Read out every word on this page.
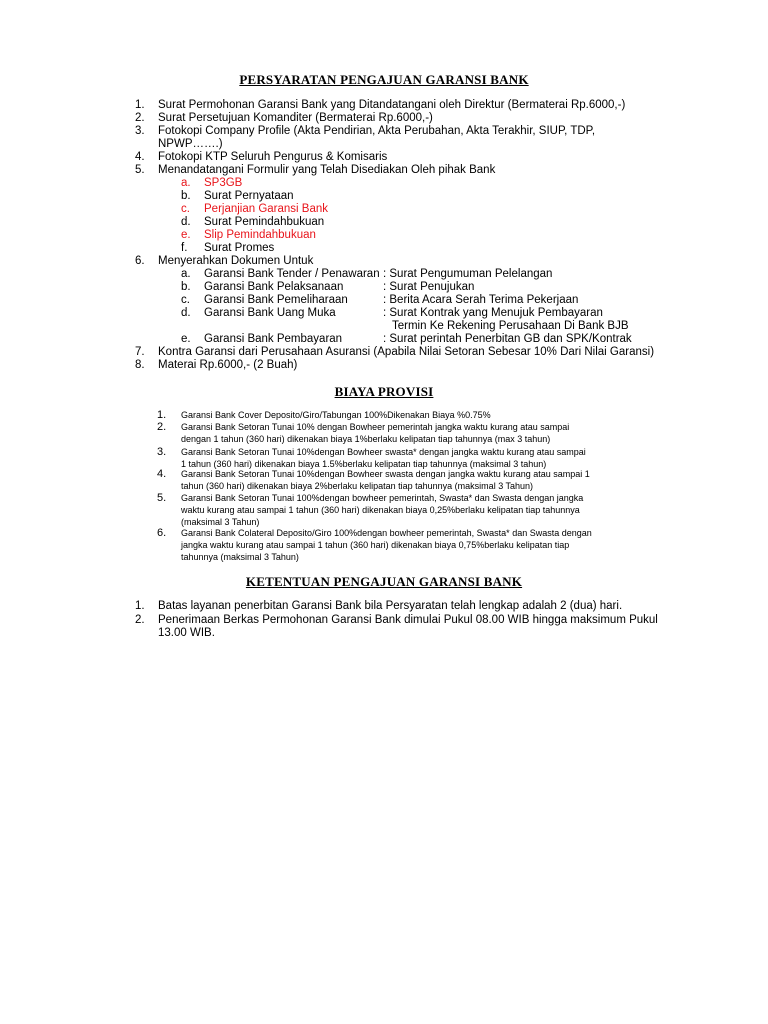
PERSYARATAN PENGAJUAN GARANSI BANK
1. Surat Permohonan Garansi Bank yang Ditandatangani oleh Direktur (Bermaterai Rp.6000,-)
2. Surat Persetujuan Komanditer (Bermaterai Rp.6000,-)
3. Fotokopi Company Profile (Akta Pendirian, Akta Perubahan, Akta Terakhir, SIUP, TDP,
NPWP…….)
4. Fotokopi KTP Seluruh Pengurus & Komisaris
5. Menandatangani Formulir yang Telah Disediakan Oleh pihak Bank
a. SP3GB
b. Surat Pernyataan
c. Perjanjian Garansi Bank
d. Surat Pemindahbukuan
e. Slip Pemindahbukuan
f. Surat Promes
6. Menyerahkan Dokumen Untuk
a. Garansi Bank Tender / Penawaran : Surat Pengumuman Pelelangan
b. Garansi Bank Pelaksanaan	: Surat Penujukan
c. Garansi Bank Pemeliharaan	: Berita Acara Serah Terima Pekerjaan
d. Garansi Bank Uang Muka	: Surat Kontrak yang Menujuk Pembayaran
Termin Ke Rekening Perusahaan Di Bank BJB
e. Garansi Bank Pembayaran	: Surat perintah Penerbitan GB dan SPK/Kontrak
7. Kontra Garansi dari Perusahaan Asuransi (Apabila Nilai Setoran Sebesar 10% Dari Nilai Garansi)
8. Materai Rp.6000,- (2 Buah)
BIAYA PROVISI
1. Garansi Bank Cover Deposito/Giro/Tabungan 100%Dikenakan Biaya %0.75%
2. Garansi Bank Setoran Tunai 10% dengan Bowheer pemerintah jangka waktu kurang atau sampai
dengan 1 tahun (360 hari) dikenakan biaya 1%berlaku kelipatan tiap tahunnya (max 3 tahun)
3. Garansi Bank Setoran Tunai 10%dengan Bowheer swasta* dengan jangka waktu kurang atau sampai
1 tahun (360 hari) dikenakan biaya 1.5%berlaku kelipatan tiap tahunnya (maksimal 3 tahun)
4. Garansi Bank Setoran Tunai 10%dengan Bowheer swasta dengan jangka waktu kurang atau sampai 1
tahun (360 hari) dikenakan biaya 2%berlaku kelipatan tiap tahunnya (maksimal 3 Tahun)
5. Garansi Bank Setoran Tunai 100%dengan bowheer pemerintah, Swasta* dan Swasta dengan jangka
waktu kurang atau sampai 1 tahun (360 hari) dikenakan biaya 0,25%berlaku kelipatan tiap tahunnya
(maksimal 3 Tahun)
6. Garansi Bank Colateral Deposito/Giro 100%dengan bowheer pemerintah, Swasta* dan Swasta dengan
jangka waktu kurang atau sampai 1 tahun (360 hari) dikenakan biaya 0,75%berlaku kelipatan tiap
tahunnya (maksimal 3 Tahun)
KETENTUAN PENGAJUAN GARANSI BANK
1. Batas layanan penerbitan Garansi Bank bila Persyaratan telah lengkap adalah 2 (dua) hari.
2. Penerimaan Berkas Permohonan Garansi Bank dimulai Pukul 08.00 WIB hingga maksimum Pukul
13.00 WIB.
